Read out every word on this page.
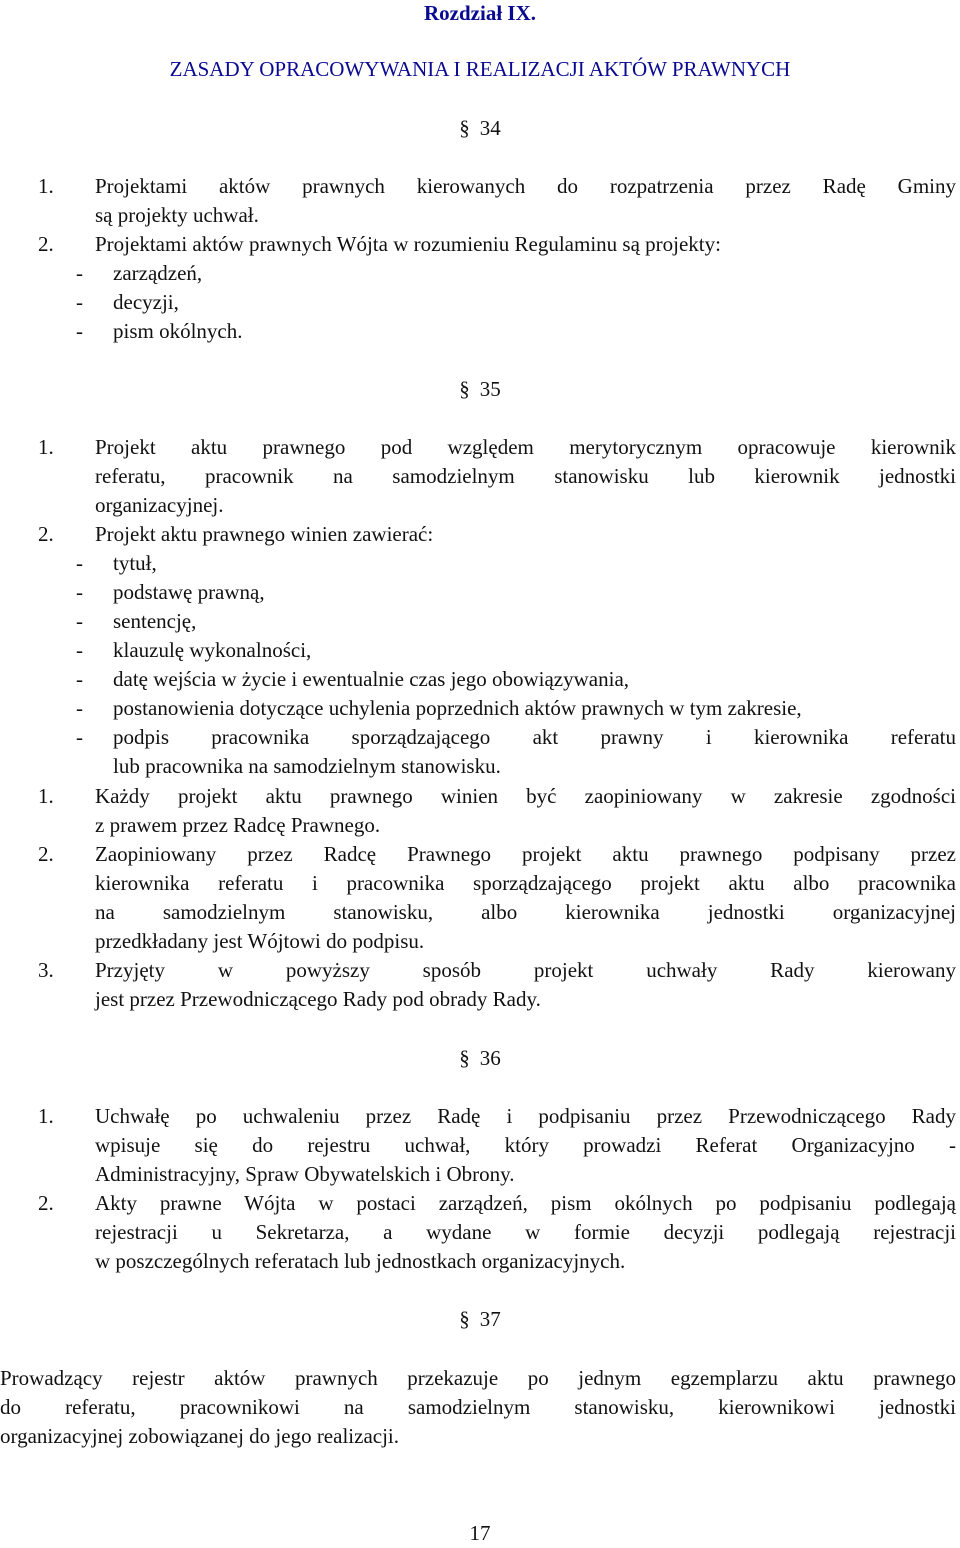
Rozdział IX.
ZASADY OPRACOWYWANIA I REALIZACJI AKTÓW PRAWNYCH
§ 34
1. Projektami aktów prawnych kierowanych do rozpatrzenia przez Radę Gminy
są projekty uchwał.
2. Projektami aktów prawnych Wójta w rozumieniu Regulaminu są projekty:
- zarządzeń,
- decyzji,
- pism okólnych.
§ 35
1. Projekt aktu prawnego pod względem merytorycznym opracowuje kierownik
referatu, pracownik na samodzielnym stanowisku lub kierownik jednostki
organizacyjnej.
2. Projekt aktu prawnego winien zawierać:
- tytuł,
- podstawę prawną,
- sentencję,
- klauzulę wykonalności,
- datę wejścia w życie i ewentualnie czas jego obowiązywania,
- postanowienia dotyczące uchylenia poprzednich aktów prawnych w tym zakresie,
- podpis pracownika sporządzającego akt prawny i kierownika referatu
lub pracownika na samodzielnym stanowisku.
1. Każdy projekt aktu prawnego winien być zaopiniowany w zakresie zgodności
z prawem przez Radcę Prawnego.
2. Zaopiniowany przez Radcę Prawnego projekt aktu prawnego podpisany przez
kierownika referatu i pracownika sporządzającego projekt aktu albo pracownika
na samodzielnym stanowisku, albo kierownika jednostki organizacyjnej
przedkładany jest Wójtowi do podpisu.
3. Przyjęty w powyższy sposób projekt uchwały Rady kierowany
jest przez Przewodniczącego Rady pod obrady Rady.
§ 36
1. Uchwałę po uchwaleniu przez Radę i podpisaniu przez Przewodniczącego Rady
wpisuje się do rejestru uchwał, który prowadzi Referat Organizacyjno -
Administracyjny, Spraw Obywatelskich i Obrony.
2. Akty prawne Wójta w postaci zarządzeń, pism okólnych po podpisaniu podlegają
rejestracji u Sekretarza, a wydane w formie decyzji podlegają rejestracji
w poszczególnych referatach lub jednostkach organizacyjnych.
§ 37
Prowadzący rejestr aktów prawnych przekazuje po jednym egzemplarzu aktu prawnego
do referatu, pracownikowi na samodzielnym stanowisku, kierownikowi jednostki
organizacyjnej zobowiązanej do jego realizacji.
17
